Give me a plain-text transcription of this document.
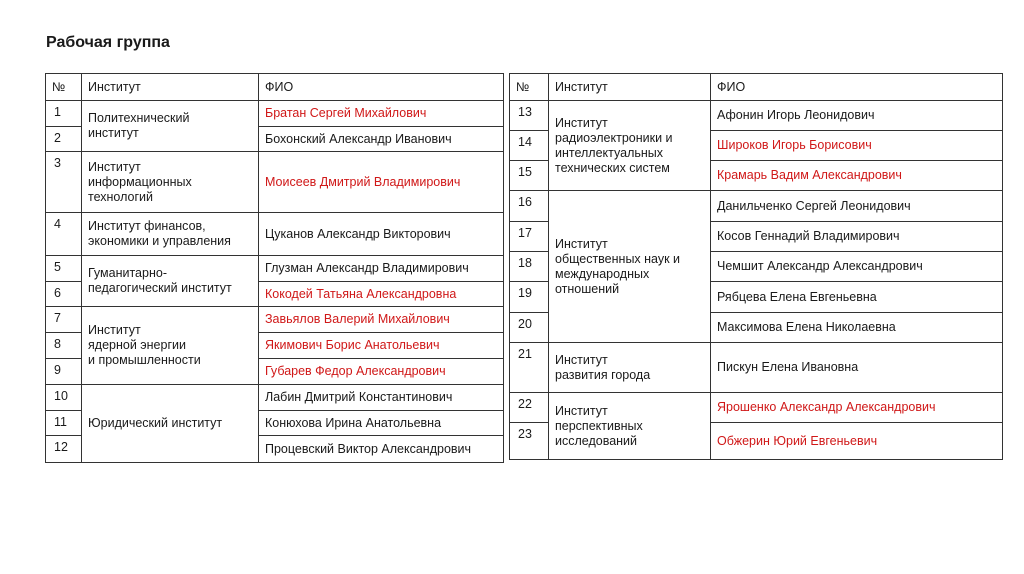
Рабочая группа
№	Институт	ФИО
1	Политехнический
институт	Братан Сергей Михайлович
2		Бохонский Александр Иванович
3	Институт
информационных
технологий	Моисеев Дмитрий Владимирович
4	Институт финансов,
экономики и управления	Цуканов Александр Викторович
5	Гуманитарно-
педагогический институт	Глузман Александр Владимирович
6		Кокодей Татьяна Александровна
7	Институт
ядерной энергии
и промышленности	Завьялов Валерий Михайлович
8		Якимович Борис Анатольевич
9		Губарев Федор Александрович
10	Юридический институт	Лабин Дмитрий Константинович
11		Конюхова Ирина Анатольевна
12		Процевский Виктор Александрович
№	Институт	ФИО
13	Институт
радиоэлектроники и
интеллектуальных
технических систем	Афонин Игорь Леонидович
14		Широков Игорь Борисович
15		Крамарь Вадим Александрович
16	Институт
общественных наук и
международных
отношений	Данильченко Сергей Леонидович
17		Косов Геннадий Владимирович
18		Чемшит Александр Александрович
19		Рябцева Елена Евгеньевна
20		Максимова Елена Николаевна
21	Институт
развития города	Пискун Елена Ивановна
22	Институт
перспективных
исследований	Ярошенко Александр Александрович
23		Обжерин Юрий Евгеньевич
